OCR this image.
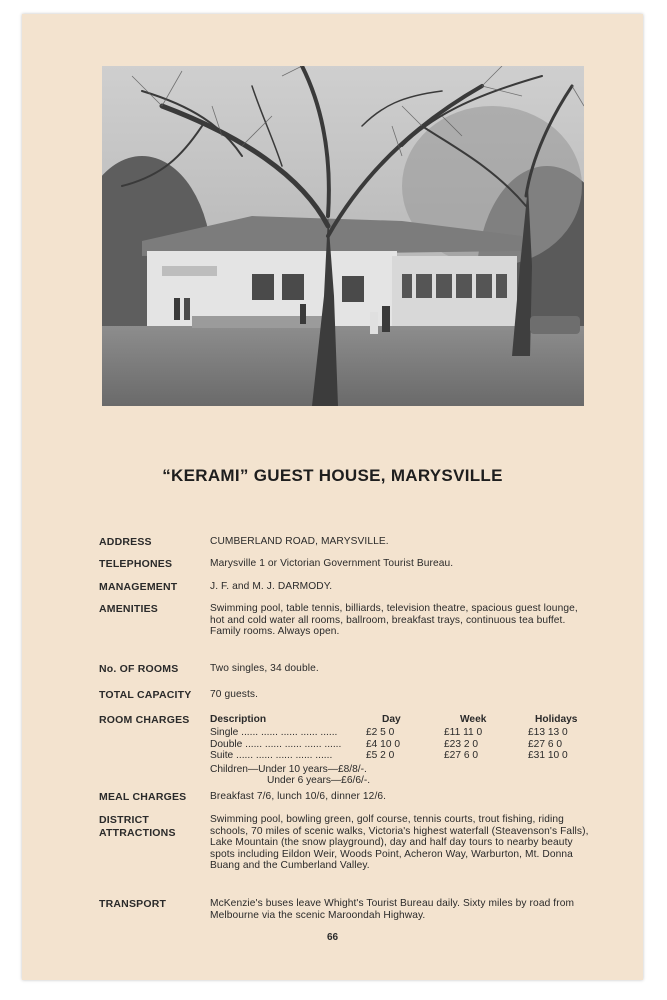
“KERAMI” GUEST HOUSE, MARYSVILLE
ADDRESS	CUMBERLAND ROAD, MARYSVILLE.
TELEPHONES	Marysville 1 or Victorian Government Tourist Bureau.
MANAGEMENT	J. F. and M. J. DARMODY.
AMENITIES	Swimming pool, table tennis, billiards, television theatre, spacious guest lounge, hot and cold water all rooms, ballroom, breakfast trays, continuous tea buffet. Family rooms. Always open.
No. OF ROOMS	Two singles, 34 double.
TOTAL CAPACITY	70 guests.
ROOM CHARGES	Description	Day	Week	Holidays
Single ...... ...... ...... ...... ......	£2 5 0	£11 11 0	£13 13 0
Double ...... ...... ...... ...... ...... £4 10 0	£23 2 0	£27 6 0
Suite ...... ...... ...... ...... ......	£5 2 0	£27 6 0	£31 10 0
Children—Under 10 years—£8/8/-.
Under 6 years—£6/6/-.
MEAL CHARGES	Breakfast 7/6, lunch 10/6, dinner 12/6.
DISTRICT
ATTRACTIONS
Swimming pool, bowling green, golf course, tennis courts, trout fishing, riding schools, 70 miles of scenic walks, Victoria's highest waterfall (Steavenson's Falls), Lake Mountain (the snow playground), day and half day tours to nearby beauty spots including Eildon Weir, Woods Point, Acheron Way, Warburton, Mt. Donna Buang and the Cumberland Valley.
TRANSPORT	McKenzie's buses leave Whight's Tourist Bureau daily. Sixty miles by road from Melbourne via the scenic Maroondah Highway.
66
